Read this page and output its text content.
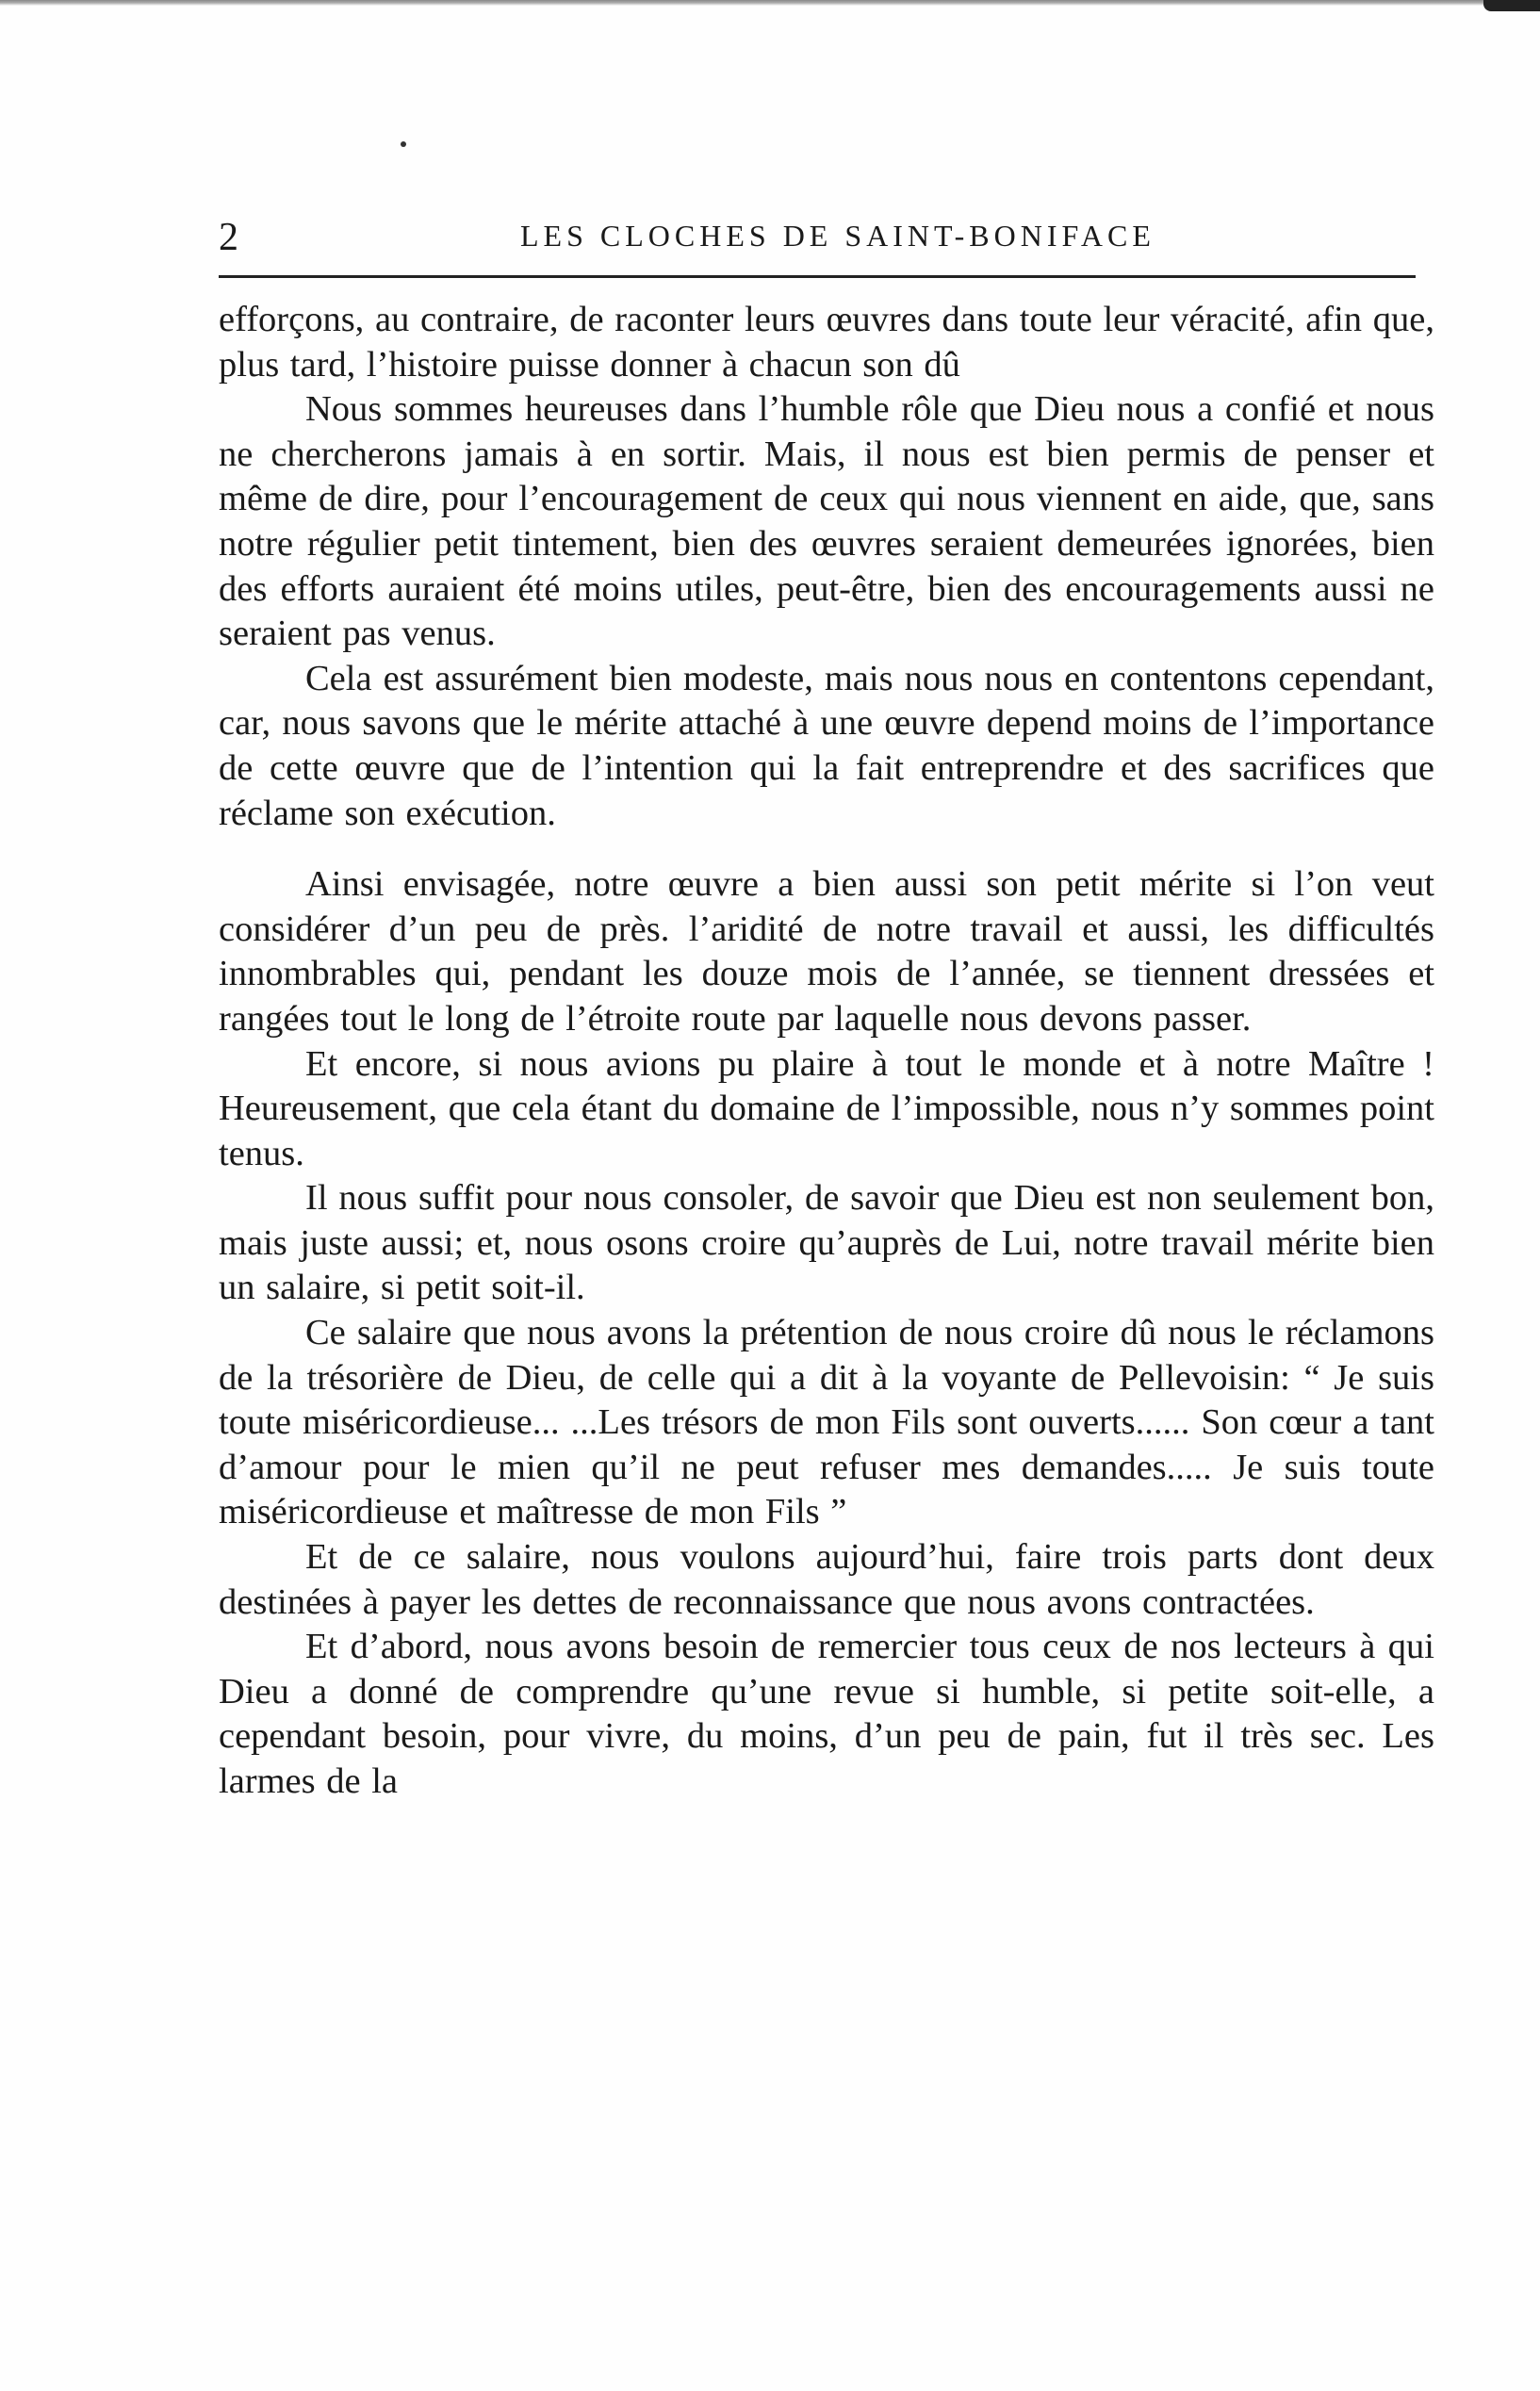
2	LES CLOCHES DE SAINT-BONIFACE

efforçons, au contraire, de raconter leurs œuvres dans toute leur véracité, afin que, plus tard, l’histoire puisse donner à chacun son dû

Nous sommes heureuses dans l’humble rôle que Dieu nous a confié et nous ne chercherons jamais à en sortir. Mais, il nous est bien permis de penser et même de dire, pour l’encouragement de ceux qui nous viennent en aide, que, sans notre régulier petit tintement, bien des œuvres seraient demeurées ignorées, bien des efforts auraient été moins utiles, peut-être, bien des encouragements aussi ne seraient pas venus.

Cela est assurément bien modeste, mais nous nous en contentons cependant, car, nous savons que le mérite attaché à une œuvre depend moins de l’importance de cette œuvre que de l’intention qui la fait entreprendre et des sacrifices que réclame son exécution.

Ainsi envisagée, notre œuvre a bien aussi son petit mérite si l’on veut considérer d’un peu de près. l’aridité de notre travail et aussi, les difficultés innombrables qui, pendant les douze mois de l’année, se tiennent dressées et rangées tout le long de l’étroite route par laquelle nous devons passer.

Et encore, si nous avions pu plaire à tout le monde et à notre Maître ! Heureusement, que cela étant du domaine de l’impossible, nous n’y sommes point tenus.

Il nous suffit pour nous consoler, de savoir que Dieu est non seulement bon, mais juste aussi; et, nous osons croire qu’auprès de Lui, notre travail mérite bien un salaire, si petit soit-il.

Ce salaire que nous avons la prétention de nous croire dû nous le réclamons de la trésorière de Dieu, de celle qui a dit à la voyante de Pellevoisin: “ Je suis toute miséricordieuse... ...Les trésors de mon Fils sont ouverts...... Son cœur a tant d’amour pour le mien qu’il ne peut refuser mes demandes..... Je suis toute miséricordieuse et maîtresse de mon Fils ”

Et de ce salaire, nous voulons aujourd’hui, faire trois parts dont deux destinées à payer les dettes de reconnaissance que nous avons contractées.

Et d’abord, nous avons besoin de remercier tous ceux de nos lecteurs à qui Dieu a donné de comprendre qu’une revue si humble, si petite soit-elle, a cependant besoin, pour vivre, du moins, d’un peu de pain, fut il très sec. Les larmes de la
